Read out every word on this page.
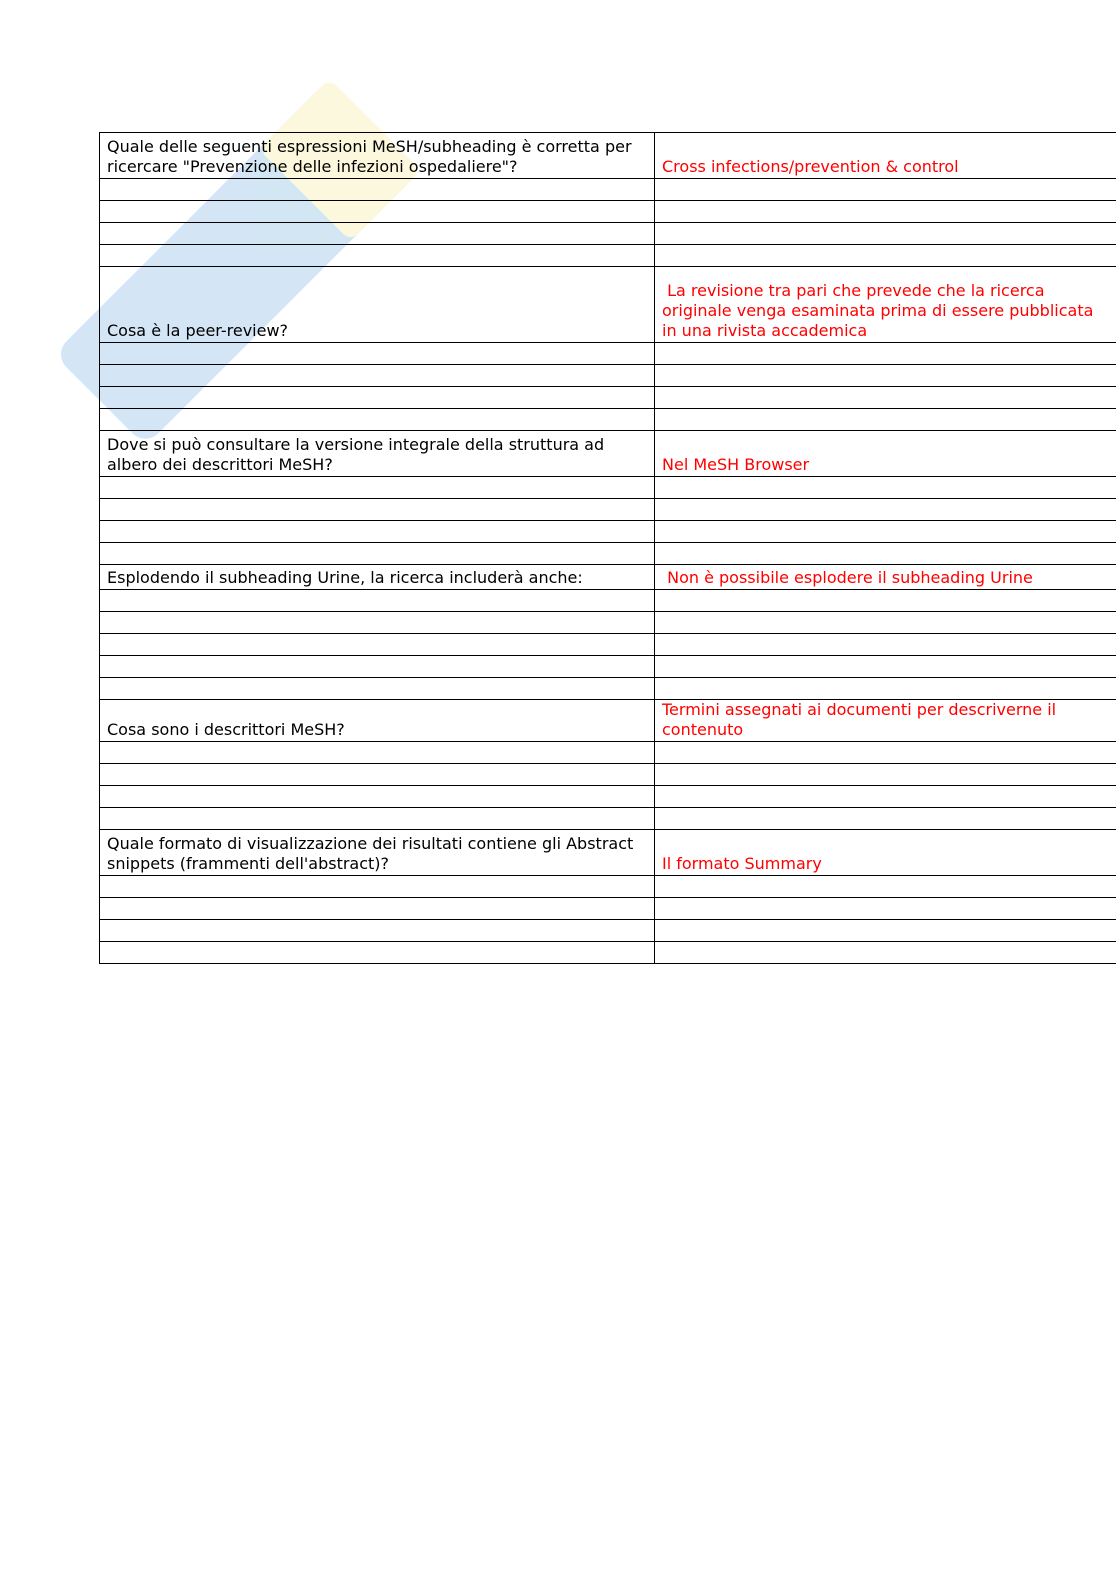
Quale delle seguenti espressioni MeSH/subheading è corretta per ricercare "Prevenzione delle infezioni ospedaliere"?	Cross infections/prevention & control

Cosa è la peer-review?	La revisione tra pari che prevede che la ricerca originale venga esaminata prima di essere pubblicata in una rivista accademica

Dove si può consultare la versione integrale della struttura ad albero dei descrittori MeSH?	Nel MeSH Browser

Esplodendo il subheading Urine, la ricerca includerà anche:	Non è possibile esplodere il subheading Urine

Cosa sono i descrittori MeSH?	Termini assegnati ai documenti per descriverne il contenuto

Quale formato di visualizzazione dei risultati contiene gli Abstract snippets (frammenti dell'abstract)?	Il formato Summary
